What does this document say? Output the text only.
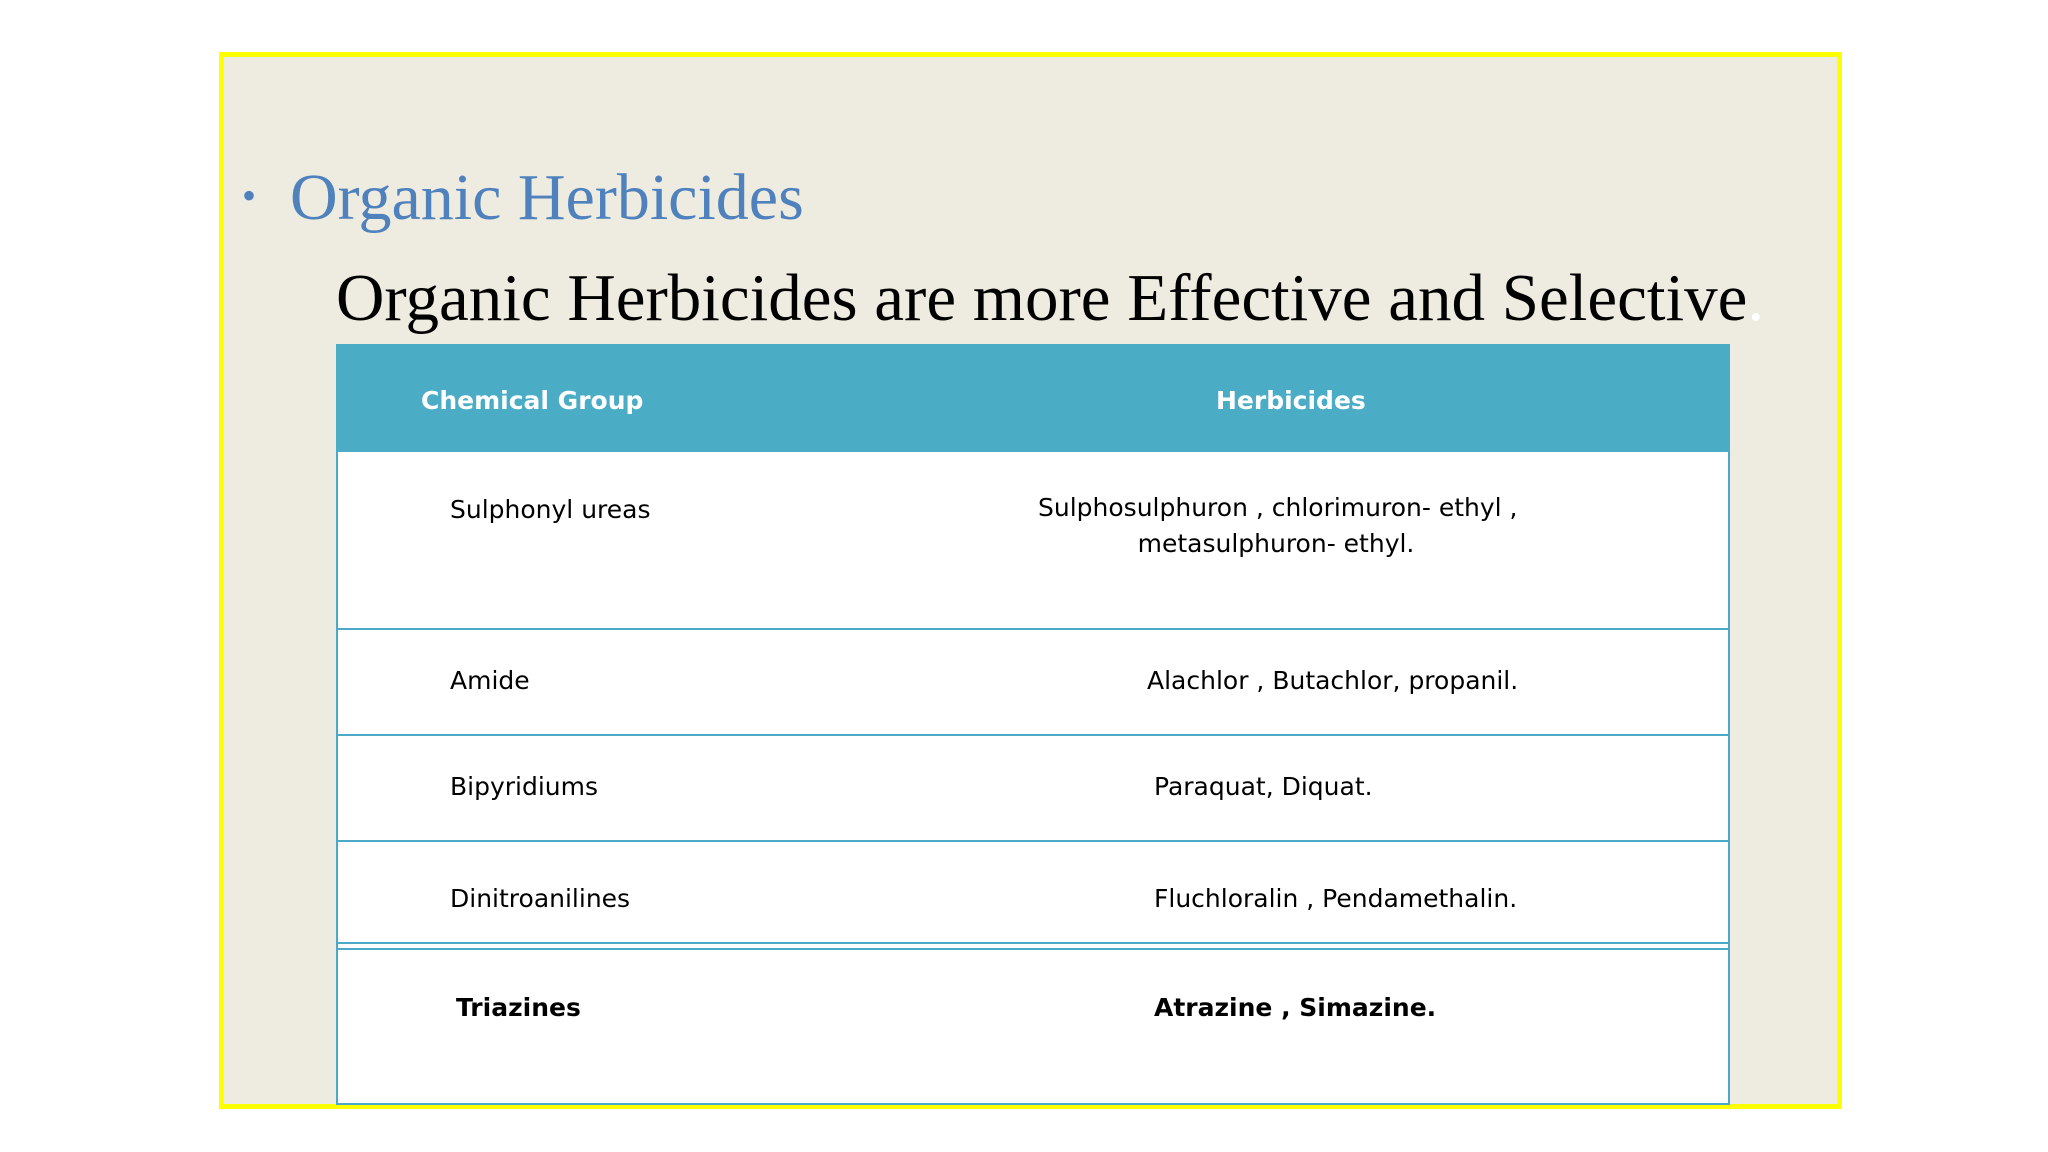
• Organic Herbicides
Organic Herbicides are more Effective and Selective.
Chemical Group	Herbicides
Sulphonyl ureas	Sulphosulphuron , chlorimuron- ethyl ,
metasulphuron- ethyl.
Amide	Alachlor , Butachlor, propanil.
Bipyridiums	Paraquat, Diquat.
Dinitroanilines	Fluchloralin , Pendamethalin.
Triazines	Atrazine , Simazine.
